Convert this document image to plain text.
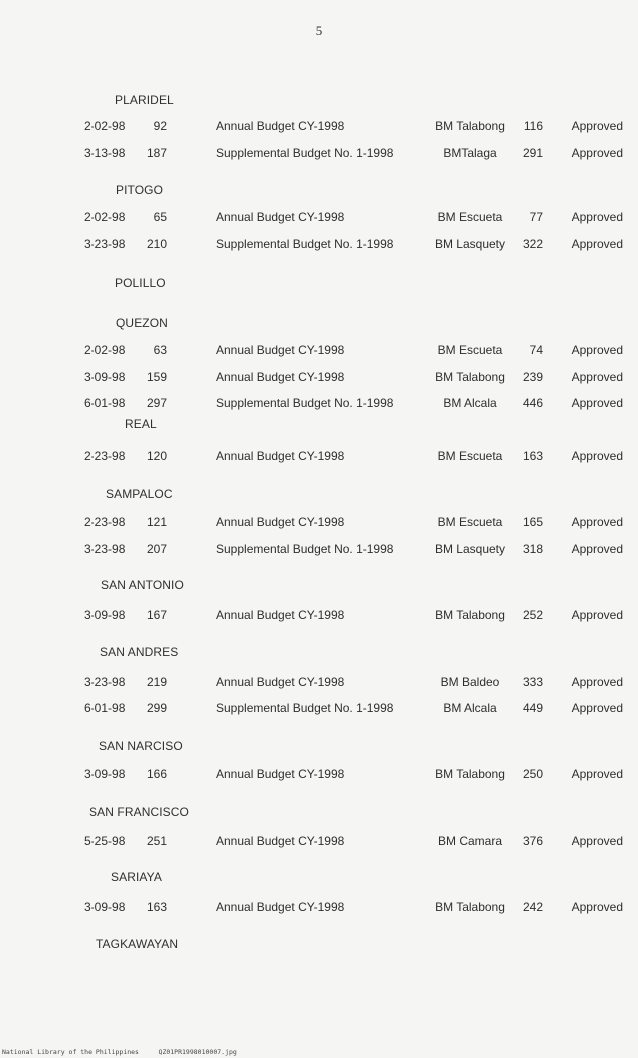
5
PLARIDEL
2-02-98 92	Annual Budget CY-1998	BM Talabong	116 Approved
3-13-98 187	Supplemental Budget No. 1-1998	BMTalaga	291 Approved
PITOGO
2-02-98 65	Annual Budget CY-1998	BM Escueta	77 Approved
3-23-98 210	Supplemental Budget No. 1-1998	BM Lasquety	322 Approved
POLILLO
QUEZON
2-02-98 63	Annual Budget CY-1998	BM Escueta	74 Approved
3-09-98 159	Annual Budget CY-1998	BM Talabong	239 Approved
6-01-98 297	Supplemental Budget No. 1-1998	BM Alcala	446 Approved
REAL
2-23-98 120	Annual Budget CY-1998	BM Escueta	163 Approved
SAMPALOC
2-23-98 121	Annual Budget CY-1998	BM Escueta	165 Approved
3-23-98 207	Supplemental Budget No. 1-1998	BM Lasquety	318 Approved
SAN ANTONIO
3-09-98 167	Annual Budget CY-1998	BM Talabong	252 Approved
SAN ANDRES
3-23-98 219	Annual Budget CY-1998	BM Baldeo	333 Approved
6-01-98 299	Supplemental Budget No. 1-1998	BM Alcala	449 Approved
SAN NARCISO
3-09-98 166	Annual Budget CY-1998	BM Talabong	250 Approved
SAN FRANCISCO
5-25-98 251	Annual Budget CY-1998	BM Camara	376 Approved
SARIAYA
3-09-98 163	Annual Budget CY-1998	BM Talabong	242 Approved
TAGKAWAYAN
National Library of the Philippines     QZ01PR1998010007.jpg
